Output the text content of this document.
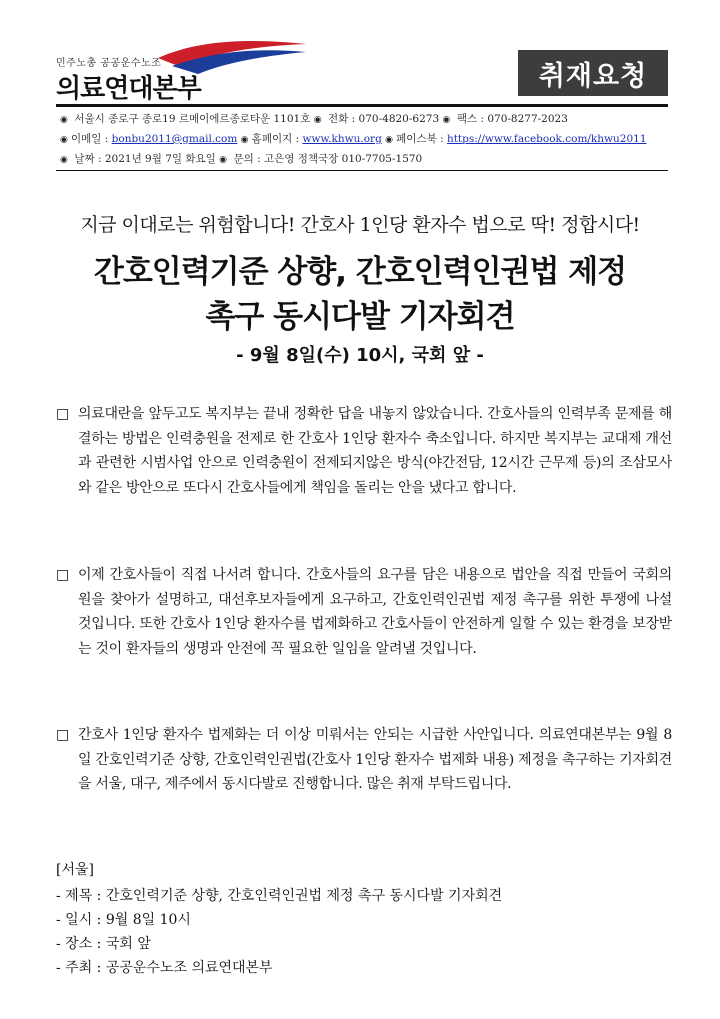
민주노총 공공운수노조
의료연대본부	취재요청
◉ 서울시 종로구 종로19 르메이에르종로타운 1101호 ◉ 전화 : 070-4820-6273 ◉ 팩스 : 070-8277-2023
◉ 이메일 : bonbu2011@gmail.com ◉ 홈페이지 : www.khwu.org ◉ 페이스북 : https://www.facebook.com/khwu2011
◉ 날짜 : 2021년 9월 7일 화요일 ◉ 문의 : 고은영 정책국장 010-7705-1570
지금 이대로는 위험합니다! 간호사 1인당 환자수 법으로 딱! 정합시다!
간호인력기준 상향, 간호인력인권법 제정
촉구 동시다발 기자회견
- 9월 8일(수) 10시, 국회 앞 -
□ 의료대란을 앞두고도 복지부는 끝내 정확한 답을 내놓지 않았습니다. 간호사들의 인력부족 문제를 해결하는 방법은 인력충원을 전제로 한 간호사 1인당 환자수 축소입니다. 하지만 복지부는 교대제 개선과 관련한 시범사업 안으로 인력충원이 전제되지않은 방식(야간전담, 12시간 근무제 등)의 조삼모사와 같은 방안으로 또다시 간호사들에게 책임을 돌리는 안을 냈다고 합니다.
□ 이제 간호사들이 직접 나서려 합니다. 간호사들의 요구를 담은 내용으로 법안을 직접 만들어 국회의원을 찾아가 설명하고, 대선후보자들에게 요구하고, 간호인력인권법 제정 촉구를 위한 투쟁에 나설 것입니다. 또한 간호사 1인당 환자수를 법제화하고 간호사들이 안전하게 일할 수 있는 환경을 보장받는 것이 환자들의 생명과 안전에 꼭 필요한 일임을 알려낼 것입니다.
□ 간호사 1인당 환자수 법제화는 더 이상 미뤄서는 안되는 시급한 사안입니다. 의료연대본부는 9월 8일 간호인력기준 상향, 간호인력인권법(간호사 1인당 환자수 법제화 내용) 제정을 촉구하는 기자회견을 서울, 대구, 제주에서 동시다발로 진행합니다. 많은 취재 부탁드립니다.
[서울]
- 제목 : 간호인력기준 상향, 간호인력인권법 제정 촉구 동시다발 기자회견
- 일시 : 9월 8일 10시
- 장소 : 국회 앞
- 주최 : 공공운수노조 의료연대본부
